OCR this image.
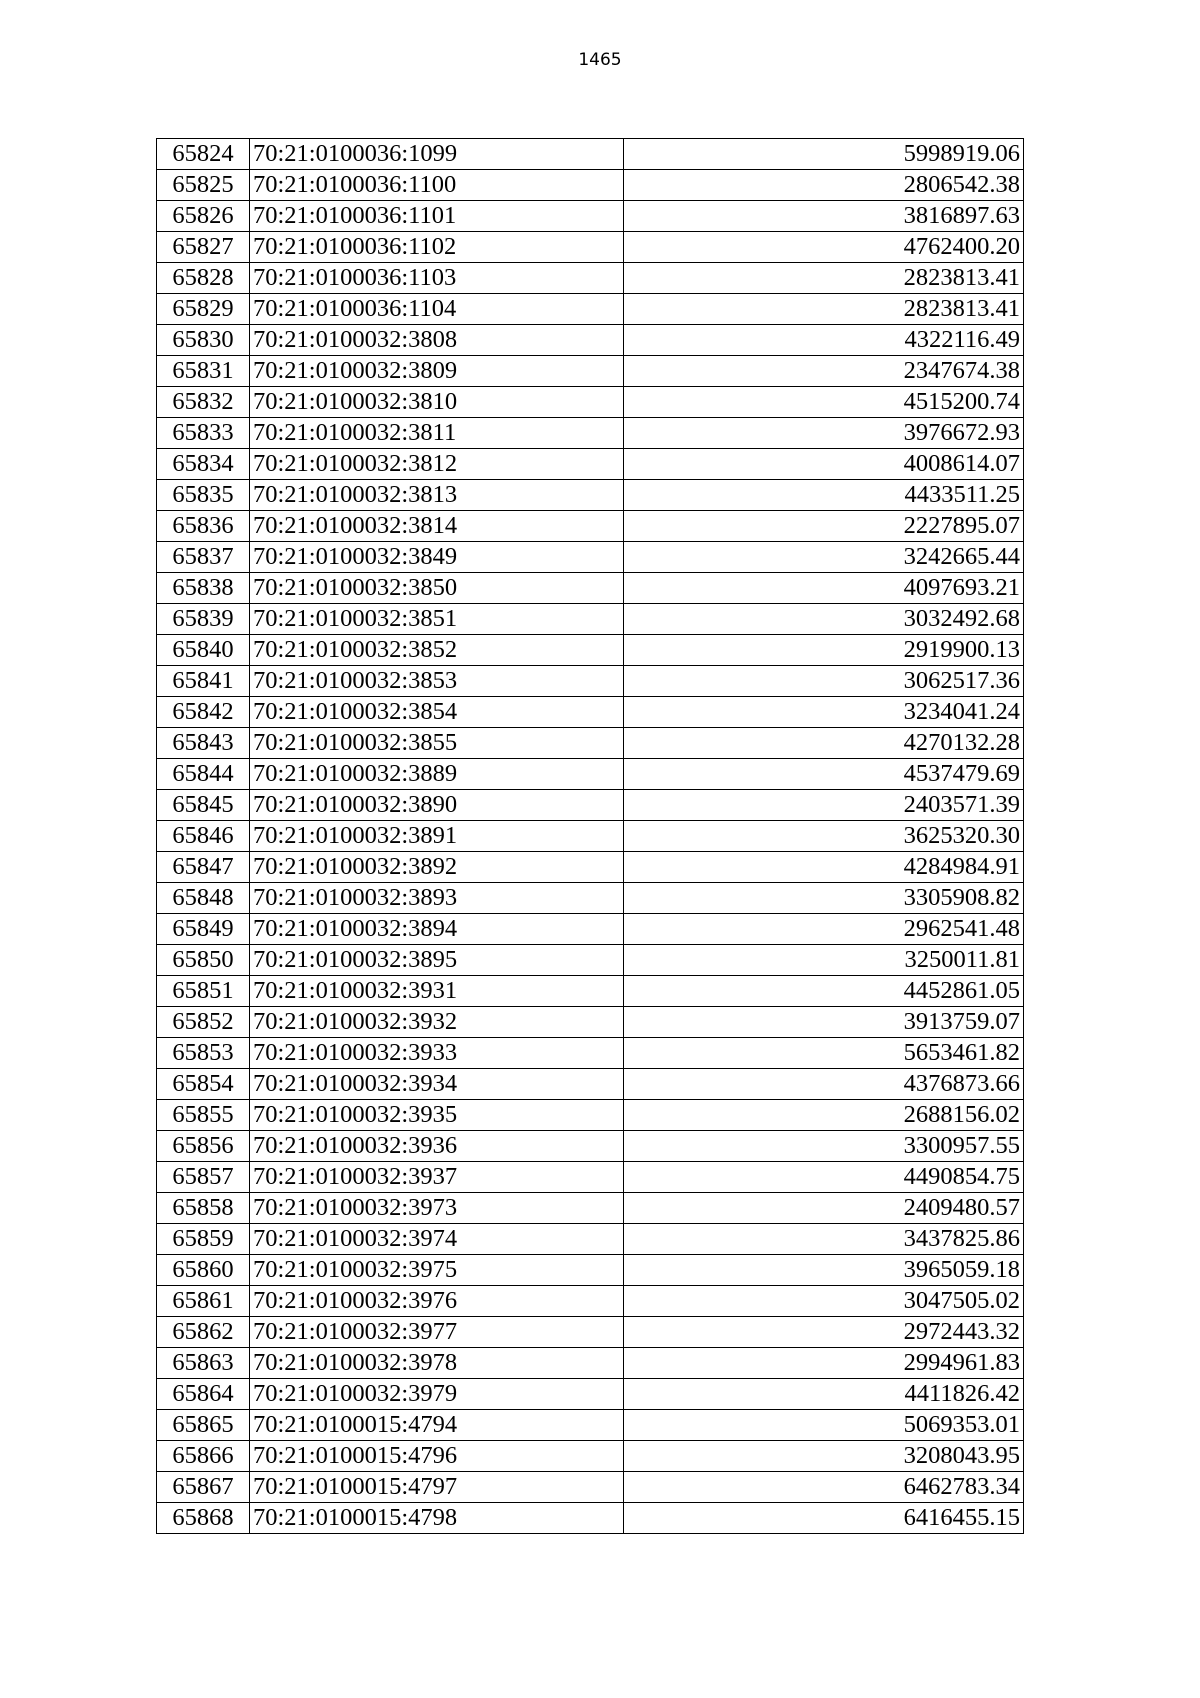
1465
65824	70:21:0100036:1099	5998919.06
65825	70:21:0100036:1100	2806542.38
65826	70:21:0100036:1101	3816897.63
65827	70:21:0100036:1102	4762400.20
65828	70:21:0100036:1103	2823813.41
65829	70:21:0100036:1104	2823813.41
65830	70:21:0100032:3808	4322116.49
65831	70:21:0100032:3809	2347674.38
65832	70:21:0100032:3810	4515200.74
65833	70:21:0100032:3811	3976672.93
65834	70:21:0100032:3812	4008614.07
65835	70:21:0100032:3813	4433511.25
65836	70:21:0100032:3814	2227895.07
65837	70:21:0100032:3849	3242665.44
65838	70:21:0100032:3850	4097693.21
65839	70:21:0100032:3851	3032492.68
65840	70:21:0100032:3852	2919900.13
65841	70:21:0100032:3853	3062517.36
65842	70:21:0100032:3854	3234041.24
65843	70:21:0100032:3855	4270132.28
65844	70:21:0100032:3889	4537479.69
65845	70:21:0100032:3890	2403571.39
65846	70:21:0100032:3891	3625320.30
65847	70:21:0100032:3892	4284984.91
65848	70:21:0100032:3893	3305908.82
65849	70:21:0100032:3894	2962541.48
65850	70:21:0100032:3895	3250011.81
65851	70:21:0100032:3931	4452861.05
65852	70:21:0100032:3932	3913759.07
65853	70:21:0100032:3933	5653461.82
65854	70:21:0100032:3934	4376873.66
65855	70:21:0100032:3935	2688156.02
65856	70:21:0100032:3936	3300957.55
65857	70:21:0100032:3937	4490854.75
65858	70:21:0100032:3973	2409480.57
65859	70:21:0100032:3974	3437825.86
65860	70:21:0100032:3975	3965059.18
65861	70:21:0100032:3976	3047505.02
65862	70:21:0100032:3977	2972443.32
65863	70:21:0100032:3978	2994961.83
65864	70:21:0100032:3979	4411826.42
65865	70:21:0100015:4794	5069353.01
65866	70:21:0100015:4796	3208043.95
65867	70:21:0100015:4797	6462783.34
65868	70:21:0100015:4798	6416455.15
